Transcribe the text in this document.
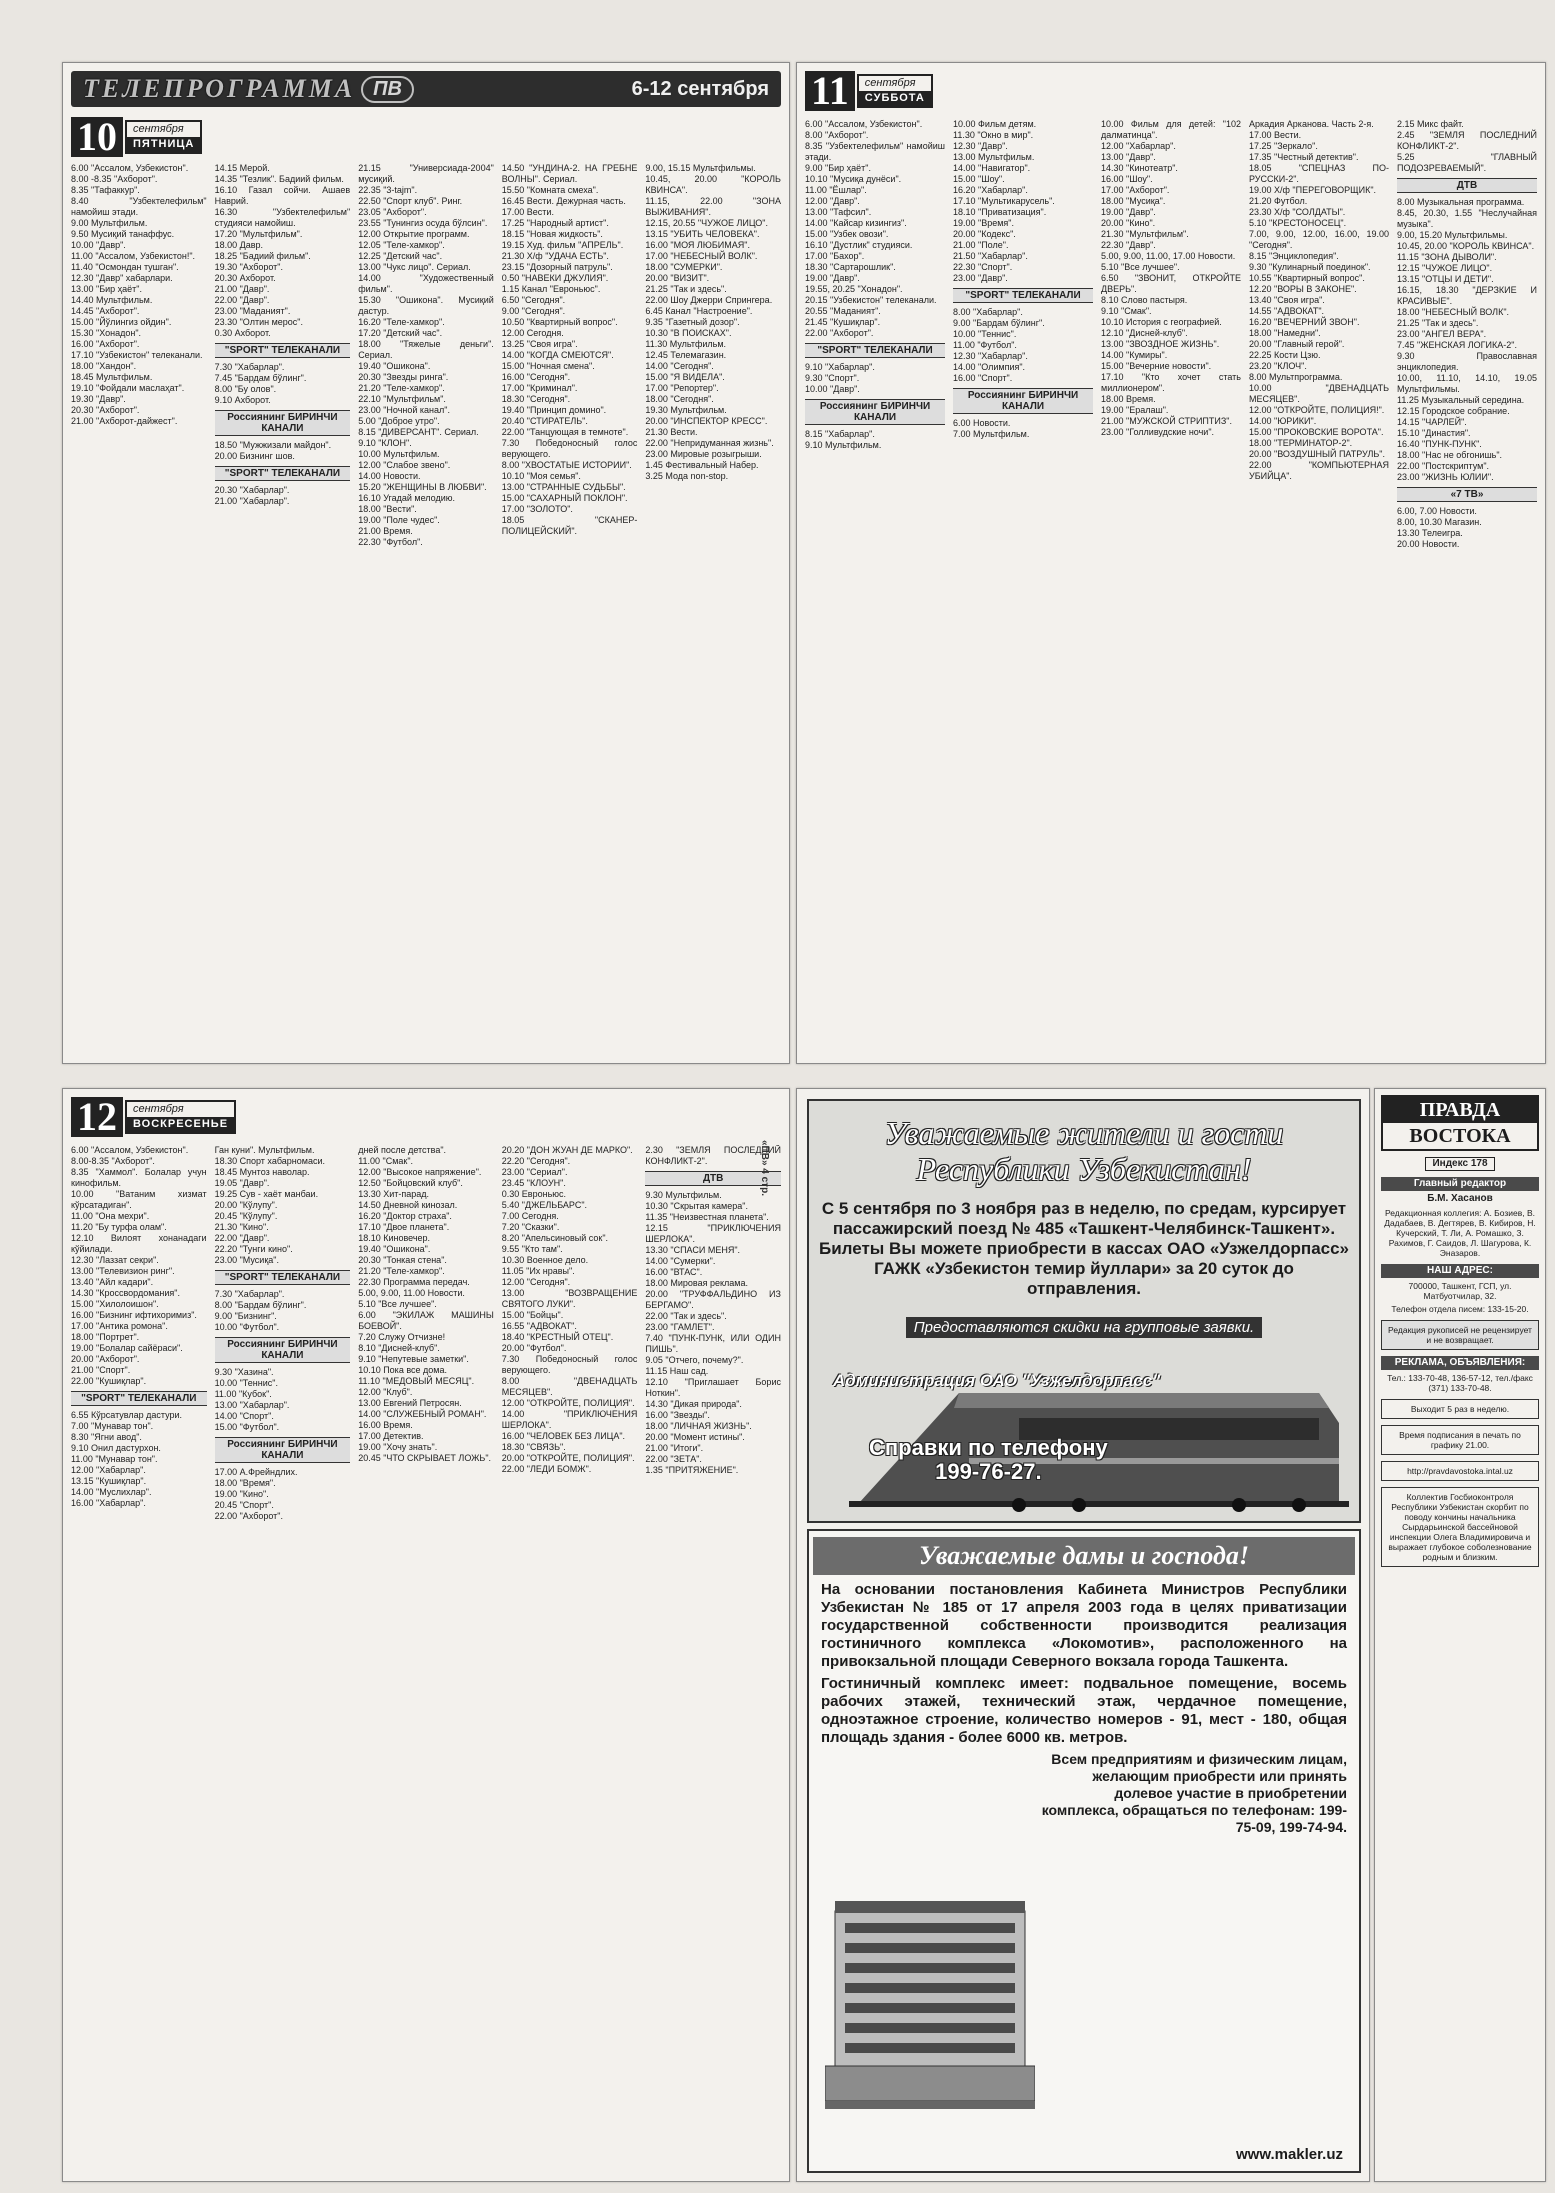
ТЕЛЕПРОГРАММА ПВ	6-12 сентября
10	сентября
ПЯТНИЦА
6.00 "Ассалом, Узбекистон".
8.00 -8.35 "Ахборот".
8.35 "Тафаккур".
8.40 "Узбектелефильм" намойиш этади.
9.00 Мультфильм.
9.50 Мусиқий танаффус.
10.00 "Давр".
11.00 "Ассалом, Узбекистон!".
11.40 "Осмондан тушган".
12.30 "Давр" хабарлари.
13.00 "Бир ҳаёт".
14.40 Мультфильм.
14.45 "Ахборот".
15.00 "Йўлингиз ойдин".
15.30 "Хонадон".
16.00 "Ахборот".
17.10 "Узбекистон" телеканали.
18.00 "Хандон".
18.45 Мультфильм.
19.10 "Фойдали маслаҳат".
19.30 "Давр".
20.30 "Ахборот".
21.00 "Ахборот-дайжест".
14.15 Мерой.
14.35 "Тезлик". Бадиий фильм.
16.10 Газал сойчи. Ашаев Наврий.
16.30 "Узбектелефильм" студияси намойиш.
17.20 "Мультфильм".
18.00 Давр.
18.25 "Бадиий фильм".
19.30 "Ахборот".
20.30 Ахборот.
21.00 "Давр".
22.00 "Давр".
23.00 "Маданият".
23.30 "Олтин мерос".
0.30 Ахборот.
"SPORT" ТЕЛЕКАНАЛИ
7.30 "Хабарлар".
7.45 "Бардам бўлинг".
8.00 "Бу олов".
9.10 Ахборот.
Россиянинг БИРИНЧИ КАНАЛИ
18.50 "Мужжизали майдон".
20.00 Бизнинг шов.
"SPORT" ТЕЛЕКАНАЛИ
20.30 "Хабарлар".
21.00 "Хабарлар".
21.15 "Универсиада-2004" мусиқий.
22.35 "3-tajm".
22.50 "Спорт клуб". Ринг.
23.05 "Ахборот".
23.55 "Тунингиз осуда бўлсин".
12.00 Открытие программ.
12.05 "Теле-хамкор".
12.25 "Детский час".
13.00 "Чукс лицо". Сериал.
14.00 "Художественный фильм".
15.30 "Ошикона". Мусиқий дастур.
16.20 "Теле-хамкор".
17.20 "Детский час".
18.00 "Тяжелые деньги". Сериал.
19.40 "Ошикона".
20.30 "Звезды ринга".
21.20 "Теле-хамкор".
22.10 "Мультфильм".
23.00 "Ночной канал".
5.00 "Доброе утро".
8.15 "ДИВЕРСАНТ". Сериал.
9.10 "КЛОН".
10.00 Мультфильм.
12.00 "Слабое звено".
14.00 Новости.
15.20 "ЖЕНЩИНЫ В ЛЮБВИ".
16.10 Угадай мелодию.
18.00 "Вести".
19.00 "Поле чудес".
21.00 Время.
22.30 "Футбол".
14.50 "УНДИНА-2. НА ГРЕБНЕ ВОЛНЫ". Сериал.
15.50 "Комната смеха".
16.45 Вести. Дежурная часть.
17.00 Вести.
17.25 "Народный артист".
18.15 "Новая жидкость".
19.15 Худ. фильм "АПРЕЛЬ".
21.30 Х/ф "УДАЧА ЕСТЬ".
23.15 "Дозорный патруль".
0.50 "НАВЕКИ ДЖУЛИЯ".
1.15 Канал "Евроньюс".
6.50 "Сегодня".
9.00 "Сегодня".
10.50 "Квартирный вопрос".
12.00 Сегодня.
13.25 "Своя игра".
14.00 "КОГДА СМЕЮТСЯ".
15.00 "Ночная смена".
16.00 "Сегодня".
17.00 "Криминал".
18.30 "Сегодня".
19.40 "Принцип домино".
20.40 "СТИРАТЕЛЬ".
22.00 "Танцующая в темноте".
7.30 Победоносный голос верующего.
8.00 "ХВОСТАТЫЕ ИСТОРИИ".
10.10 "Моя семья".
13.00 "СТРАННЫЕ СУДЬБЫ".
15.00 "САХАРНЫЙ ПОКЛОН".
17.00 "ЗОЛОТО".
18.05 "СКАНЕР-ПОЛИЦЕЙСКИЙ".
9.00, 15.15 Мультфильмы.
10.45, 20.00 "КОРОЛЬ КВИНСА".
11.15, 22.00 "ЗОНА ВЫЖИВАНИЯ".
12.15, 20.55 "ЧУЖОЕ ЛИЦО".
13.15 "УБИТЬ ЧЕЛОВЕКА".
16.00 "МОЯ ЛЮБИМАЯ".
17.00 "НЕБЕСНЫЙ ВОЛК".
18.00 "СУМЕРКИ".
20.00 "ВИЗИТ".
21.25 "Так и здесь".
22.00 Шоу Джерри Спрингера.
6.45 Канал "Настроение".
9.35 "Газетный дозор".
10.30 "В ПОИСКАХ".
11.30 Мультфильм.
12.45 Телемагазин.
14.00 "Сегодня".
15.00 "Я ВИДЕЛА".
17.00 "Репортер".
18.00 "Сегодня".
19.30 Мультфильм.
20.00 "ИНСПЕКТОР КРЕСС".
21.30 Вести.
22.00 "Непридуманная жизнь".
23.00 Мировые розыгрыши.
1.45 Фестивальный Набер.
3.25 Мода non-stop.
11	сентября
СУББОТА
6.00 "Ассалом, Узбекистон".
8.00 "Ахборот".
8.35 "Узбектелефильм" намойиш этади.
9.00 "Бир ҳаёт".
10.10 "Мусиқа дунёси".
11.00 "Ёшлар".
12.00 "Давр".
13.00 "Тафсил".
14.00 "Кайсар кизингиз".
15.00 "Узбек овози".
16.10 "Дустлик" студияси.
17.00 "Бахор".
18.30 "Сартарошлик".
19.00 "Давр".
19.55, 20.25 "Хонадон".
20.15 "Узбекистон" телеканали.
20.55 "Маданият".
21.45 "Кушиқлар".
22.00 "Ахборот".
"SPORT" ТЕЛЕКАНАЛИ
9.10 "Хабарлар".
9.30 "Спорт".
10.00 "Давр".
Россиянинг БИРИНЧИ КАНАЛИ
8.15 "Хабарлар".
9.10 Мультфильм.
10.00 Фильм детям.
11.30 "Окно в мир".
12.30 "Давр".
13.00 Мультфильм.
14.00 "Навигатор".
15.00 "Шоу".
16.20 "Хабарлар".
17.10 "Мультикарусель".
18.10 "Приватизация".
19.00 "Время".
20.00 "Кодекс".
21.00 "Поле".
21.50 "Хабарлар".
22.30 "Спорт".
23.00 "Давр".
"SPORT" ТЕЛЕКАНАЛИ
8.00 "Хабарлар".
9.00 "Бардам бўлинг".
10.00 "Теннис".
11.00 "Футбол".
12.30 "Хабарлар".
14.00 "Олимпия".
16.00 "Спорт".
Россиянинг БИРИНЧИ КАНАЛИ
6.00 Новости.
7.00 Мультфильм.
10.00 Фильм для детей: "102 далматинца".
12.00 "Хабарлар".
13.00 "Давр".
14.30 "Кинотеатр".
16.00 "Шоу".
17.00 "Ахборот".
18.00 "Мусиқа".
19.00 "Давр".
20.00 "Кино".
21.30 "Мультфильм".
22.30 "Давр".
5.00, 9.00, 11.00, 17.00 Новости.
5.10 "Все лучшее".
6.50 "ЗВОНИТ, ОТКРОЙТЕ ДВЕРЬ".
8.10 Слово пастыря.
9.10 "Смак".
10.10 История с географией.
12.10 "Дисней-клуб".
13.00 "ЗВОЗДНОЕ ЖИЗНЬ".
14.00 "Кумиры".
15.00 "Вечерние новости".
17.10 "Кто хочет стать миллионером".
18.00 Время.
19.00 "Ералаш".
21.00 "МУЖСКОЙ СТРИПТИЗ".
23.00 "Голливудские ночи".
Аркадия Арканова. Часть 2-я.
17.00 Вести.
17.25 "Зеркало".
17.35 "Честный детектив".
18.05 "СПЕЦНАЗ ПО-РУССКИ-2".
19.00 Х/ф "ПЕРЕГОВОРЩИК".
21.20 Футбол.
23.30 Х/ф "СОЛДАТЫ".
5.10 "КРЕСТОНОСЕЦ".
7.00, 9.00, 12.00, 16.00, 19.00 "Сегодня".
8.15 "Энциклопедия".
9.30 "Кулинарный поединок".
10.55 "Квартирный вопрос".
12.20 "ВОРЫ В ЗАКОНЕ".
13.40 "Своя игра".
14.55 "АДВОКАТ".
16.20 "ВЕЧЕРНИЙ ЗВОН".
18.00 "Намедни".
20.00 "Главный герой".
22.25 Кости Цзю.
23.20 "КЛОЧ".
8.00 Мультпрограмма.
10.00 "ДВЕНАДЦАТЬ МЕСЯЦЕВ".
12.00 "ОТКРОЙТЕ, ПОЛИЦИЯ!".
14.00 "ЮРИКИ".
15.00 "ПРОКОВСКИЕ ВОРОТА".
18.00 "ТЕРМИНАТОР-2".
20.00 "ВОЗДУШНЫЙ ПАТРУЛЬ".
22.00 "КОМПЬЮТЕРНАЯ УБИЙЦА".
2.15 Микс файт.
2.45 "ЗЕМЛЯ ПОСЛЕДНИЙ КОНФЛИКТ-2".
5.25 "ГЛАВНЫЙ ПОДОЗРЕВАЕМЫЙ".
ДТВ
8.00 Музыкальная программа.
8.45, 20.30, 1.55 "Неслучайная музыка".
9.00, 15.20 Мультфильмы.
10.45, 20.00 "КОРОЛЬ КВИНСА".
11.15 "ЗОНА ДЫВОЛИ".
12.15 "ЧУЖОЕ ЛИЦО".
13.15 "ОТЦЫ И ДЕТИ".
16.15, 18.30 "ДЕРЗКИЕ И КРАСИВЫЕ".
18.00 "НЕБЕСНЫЙ ВОЛК".
21.25 "Так и здесь".
23.00 "АНГЕЛ ВЕРА".
7.45 "ЖЕНСКАЯ ЛОГИКА-2".
9.30 Православная энциклопедия.
10.00, 11.10, 14.10, 19.05 Мультфильмы.
11.25 Музыкальный середина.
12.15 Городское собрание.
14.15 "ЧАРЛЕЙ".
15.10 "Династия".
16.40 "ПУНК-ПУНК".
18.00 "Нас не обгонишь".
22.00 "Постскриптум".
23.00 "ЖИЗНЬ ЮЛИИ".
«7 ТВ»
6.00, 7.00 Новости.
8.00, 10.30 Магазин.
13.30 Телеигра.
20.00 Новости.
12	сентября
ВОСКРЕСЕНЬЕ
6.00 "Ассалом, Узбекистон".
8.00-8.35 "Ахборот".
8.35 "Хаммол". Болалар учун кинофильм.
10.00 "Ватаним хизмат кўрсатадиган".
11.00 "Она мехри".
11.20 "Бу турфа олам".
12.10 Вилоят хонанадаги кўйилади.
12.30 "Лаззат секри".
13.00 "Телевизион ринг".
13.40 "Айл кадари".
14.30 "Кроссвордомания".
15.00 "Хилолоишон".
16.00 "Бизнинг ифтихоримиз".
17.00 "Антика ромона".
18.00 "Портрет".
19.00 "Болалар сайёраси".
20.00 "Ахборот".
21.00 "Спорт".
22.00 "Кушиқлар".
"SPORT" ТЕЛЕКАНАЛИ
6.55 Кўрсатувлар дастури.
7.00 "Мунавар тон".
8.30 "Ягни авод".
9.10 Онил дастурхон.
11.00 "Мунавар тон".
12.00 "Хабарлар".
13.15 "Кушиқлар".
14.00 "Муслихлар".
16.00 "Хабарлар".
Ган куни". Мультфильм.
18.30 Спорт хабарномаси.
18.45 Мунтоз наволар.
19.05 "Давр".
19.25 Сув - хаёт манбаи.
20.00 "Кўлупу".
20.45 "Кўлупу".
21.30 "Кино".
22.00 "Давр".
22.20 "Тунги кино".
23.00 "Мусиқа".
"SPORT" ТЕЛЕКАНАЛИ
7.30 "Хабарлар".
8.00 "Бардам бўлинг".
9.00 "Бизнинг".
10.00 "Футбол".
Россиянинг БИРИНЧИ КАНАЛИ
9.30 "Хазина".
10.00 "Теннис".
11.00 "Кубок".
13.00 "Хабарлар".
14.00 "Спорт".
15.00 "Футбол".
Россиянинг БИРИНЧИ КАНАЛИ
17.00 А.Фрейндлих.
18.00 "Время".
19.00 "Кино".
20.45 "Спорт".
22.00 "Ахборот".
дней после детства".
11.00 "Смак".
12.00 "Высокое напряжение".
12.50 "Бойцовский клуб".
13.30 Хит-парад.
14.50 Дневной кинозал.
16.20 "Доктор страха".
17.10 "Двое планета".
18.10 Киновечер.
19.40 "Ошикона".
20.30 "Тонкая стена".
21.20 "Теле-хамкор".
22.30 Программа передач.
5.00, 9.00, 11.00 Новости.
5.10 "Все лучшее".
6.00 "ЭКИЛАЖ МАШИНЫ БОЕВОЙ".
7.20 Служу Отчизне!
8.10 "Дисней-клуб".
9.10 "Непутевые заметки".
10.10 Пока все дома.
11.10 "МЕДОВЫЙ МЕСЯЦ".
12.00 "Клуб".
13.00 Евгений Петросян.
14.00 "СЛУЖЕБНЫЙ РОМАН".
16.00 Время.
17.00 Детектив.
19.00 "Хочу знать".
20.45 "ЧТО СКРЫВАЕТ ЛОЖЬ".
20.20 "ДОН ЖУАН ДЕ МАРКО".
22.20 "Сегодня".
23.00 "Сериал".
23.45 "КЛОУН".
0.30 Евроньюс.
5.40 "ДЖЕЛЬБАРС".
7.00 Сегодня.
7.20 "Сказки".
8.20 "Апельсиновый сок".
9.55 "Кто там".
10.30 Военное дело.
11.05 "Их нравы".
12.00 "Сегодня".
13.00 "ВОЗВРАЩЕНИЕ СВЯТОГО ЛУКИ".
15.00 "Бойцы".
16.55 "АДВОКАТ".
18.40 "КРЕСТНЫЙ ОТЕЦ".
20.00 "Футбол".
7.30 Победоносный голос верующего.
8.00 "ДВЕНАДЦАТЬ МЕСЯЦЕВ".
12.00 "ОТКРОЙТЕ, ПОЛИЦИЯ".
14.00 "ПРИКЛЮЧЕНИЯ ШЕРЛОКА".
16.00 "ЧЕЛОВЕК БЕЗ ЛИЦА".
18.30 "СВЯЗЬ".
20.00 "ОТКРОЙТЕ, ПОЛИЦИЯ".
22.00 "ЛЕДИ БОМЖ".
2.30 "ЗЕМЛЯ ПОСЛЕДНИЙ КОНФЛИКТ-2".
ДТВ
9.30 Мультфильм.
10.30 "Скрытая камера".
11.35 "Неизвестная планета".
12.15 "ПРИКЛЮЧЕНИЯ ШЕРЛОКА".
13.30 "СПАСИ МЕНЯ".
14.00 "Сумерки".
16.00 "ВТАС".
18.00 Мировая реклама.
20.00 "ТРУФФАЛЬДИНО ИЗ БЕРГАМО".
22.00 "Так и здесь".
23.00 "ГАМЛЕТ".
7.40 "ПУНК-ПУНК, ИЛИ ОДИН ПИШЬ".
9.05 "Отчего, почему?".
11.15 Наш сад.
12.10 "Приглашает Борис Ноткин".
14.30 "Дикая природа".
16.00 "Звезды".
18.00 "ЛИЧНАЯ ЖИЗНЬ".
20.00 "Момент истины".
21.00 "Итоги".
22.00 "ЗЕТА".
1.35 "ПРИТЯЖЕНИЕ".
«ПВ» 4 стр.
Уважаемые жители и гости Республики Узбекистан!
С 5 сентября по 3 ноября раз в неделю, по средам, курсирует пассажирский поезд № 485 «Ташкент-Челябинск-Ташкент». Билеты Вы можете приобрести в кассах ОАО «Узжелдорпасс» ГАЖК «Узбекистон темир йуллари» за 20 суток до отправления.
Предоставляются скидки на групповые заявки.
Администрация ОАО "Узжелдорпасс"
Справки по телефону
199-76-27.
Уважаемые дамы и господа!
На основании постановления Кабинета Министров Республики Узбекистан № 185 от 17 апреля 2003 года в целях приватизации государственной собственности производится реализация гостиничного комплекса «Локомотив», расположенного на привокзальной площади Северного вокзала города Ташкента.
Гостиничный комплекс имеет: подвальное помещение, восемь рабочих этажей, технический этаж, чердачное помещение, одноэтажное строение, количество номеров - 91, мест - 180, общая площадь здания - более 6000 кв. метров.
Всем предприятиям и физическим лицам, желающим приобрести или принять долевое участие в приобретении комплекса, обращаться по телефонам: 199-75-09, 199-74-94.
www.makler.uz
ПРАВДА
ВОСТОКА
Индекс 178
Главный редактор
Б.М. Хасанов
Редакционная коллегия: А. Бозиев, В. Дадабаев, В. Дегтярев, В. Кибиров, Н. Кучерский, Т. Ли, А. Ромашко, З. Рахимов, Г. Саидов, Л. Шагурова, К. Эназаров.
НАШ АДРЕС:
700000, Ташкент, ГСП, ул. Матбуотчилар, 32.
Телефон отдела писем: 133-15-20.
Редакция рукописей не рецензирует и не возвращает.
РЕКЛАМА, ОБЪЯВЛЕНИЯ:
Тел.: 133-70-48, 136-57-12, тел./факс (371) 133-70-48.
Выходит 5 раз в неделю.
Время подписания в печать по графику 21.00.
http://pravdavostoka.intal.uz
Коллектив Госбиоконтроля Республики Узбекистан скорбит по поводу кончины начальника Сырдарьинской бассейновой инспекции Олега Владимировича и выражает глубокое соболезнование родным и близким.
